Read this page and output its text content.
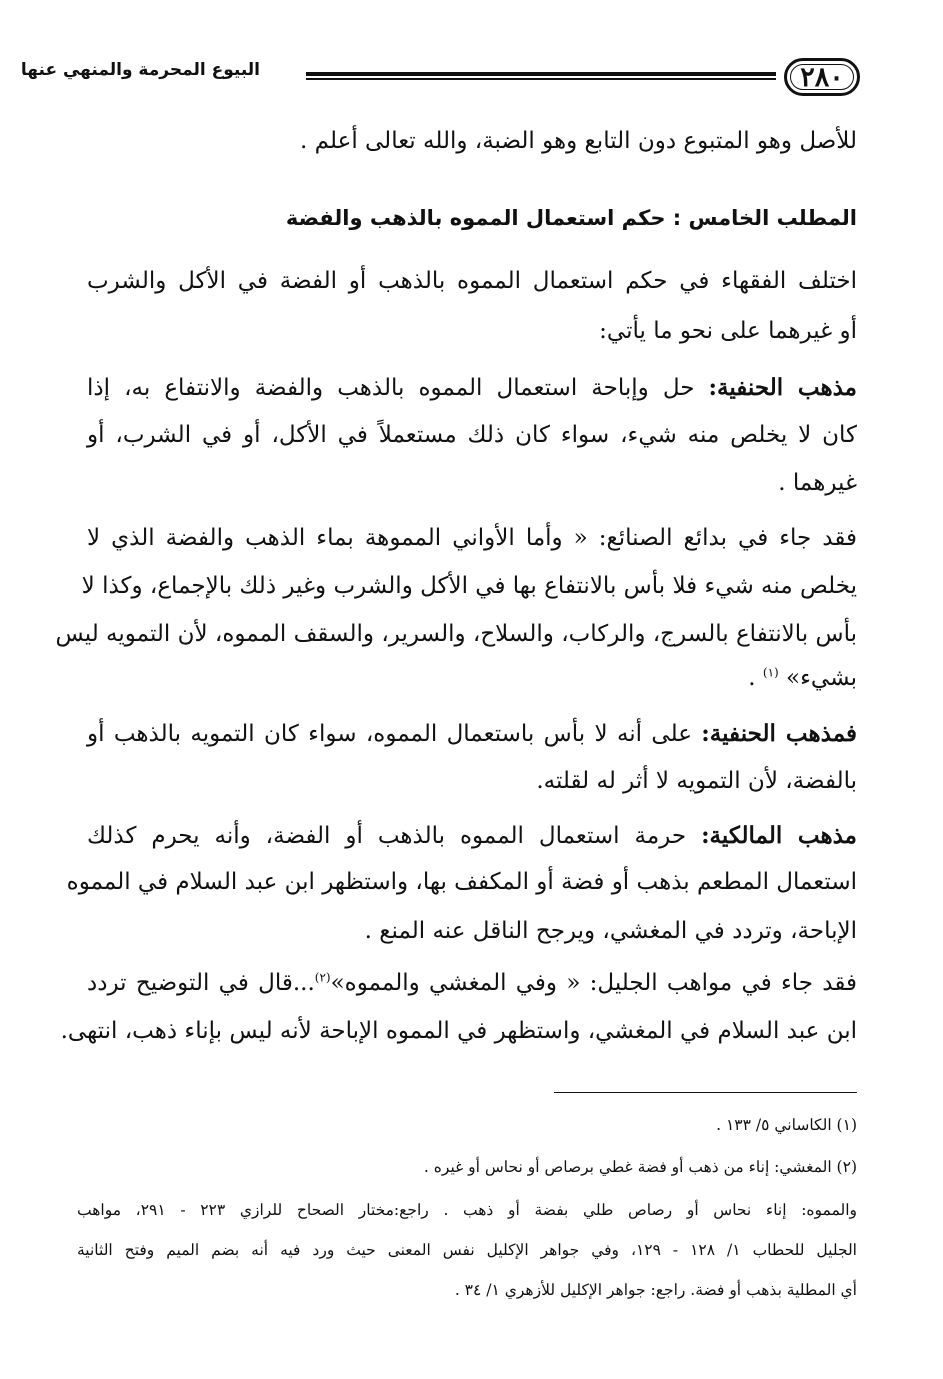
٢٨٠
البيوع المحرمة والمنهي عنها
للأصل وهو المتبوع دون التابع وهو الضبة، والله تعالى أعلم .
المطلب الخامس : حكم استعمال المموه بالذهب والفضة
اختلف الفقهاء في حكم استعمال المموه بالذهب أو الفضة في الأكل والشرب
أو غيرهما على نحو ما يأتي:
مذهب الحنفية: حل وإباحة استعمال المموه بالذهب والفضة والانتفاع به، إذا
كان لا يخلص منه شيء، سواء كان ذلك مستعملاً في الأكل، أو في الشرب، أو
غيرهما .
فقد جاء في بدائع الصنائع: « وأما الأواني المموهة بماء الذهب والفضة الذي لا
يخلص منه شيء فلا بأس بالانتفاع بها في الأكل والشرب وغير ذلك بالإجماع، وكذا لا
بأس بالانتفاع بالسرج، والركاب، والسلاح، والسرير، والسقف المموه، لأن التمويه ليس
بشيء» $^{(١)}$ .
فمذهب الحنفية: على أنه لا بأس باستعمال المموه، سواء كان التمويه بالذهب أو
بالفضة، لأن التمويه لا أثر له لقلته.
مذهب المالكية: حرمة استعمال المموه بالذهب أو الفضة، وأنه يحرم كذلك
استعمال المطعم بذهب أو فضة أو المكفف بها، واستظهر ابن عبد السلام في المموه
الإباحة، وتردد في المغشي، ويرجح الناقل عنه المنع .
فقد جاء في مواهب الجليل: « وفي المغشي والمموه»$^{(٢)}$...قال في التوضيح تردد
ابن عبد السلام في المغشي، واستظهر في المموه الإباحة لأنه ليس بإناء ذهب، انتهى.
(١) الكاساني ٥/ ١٣٣ .
(٢) المغشي: إناء من ذهب أو فضة غطي برصاص أو نحاس أو غيره .
والمموه: إناء نحاس أو رصاص طلي بفضة أو ذهب . راجع:مختار الصحاح للرازي ٢٢٣ - ٢٩١، مواهب
الجليل للحطاب ١/ ١٢٨ - ١٢٩، وفي جواهر الإكليل نفس المعنى حيث ورد فيه أنه بضم الميم وفتح الثانية
أي المطلية بذهب أو فضة. راجع: جواهر الإكليل للأزهري ١/ ٣٤ .
